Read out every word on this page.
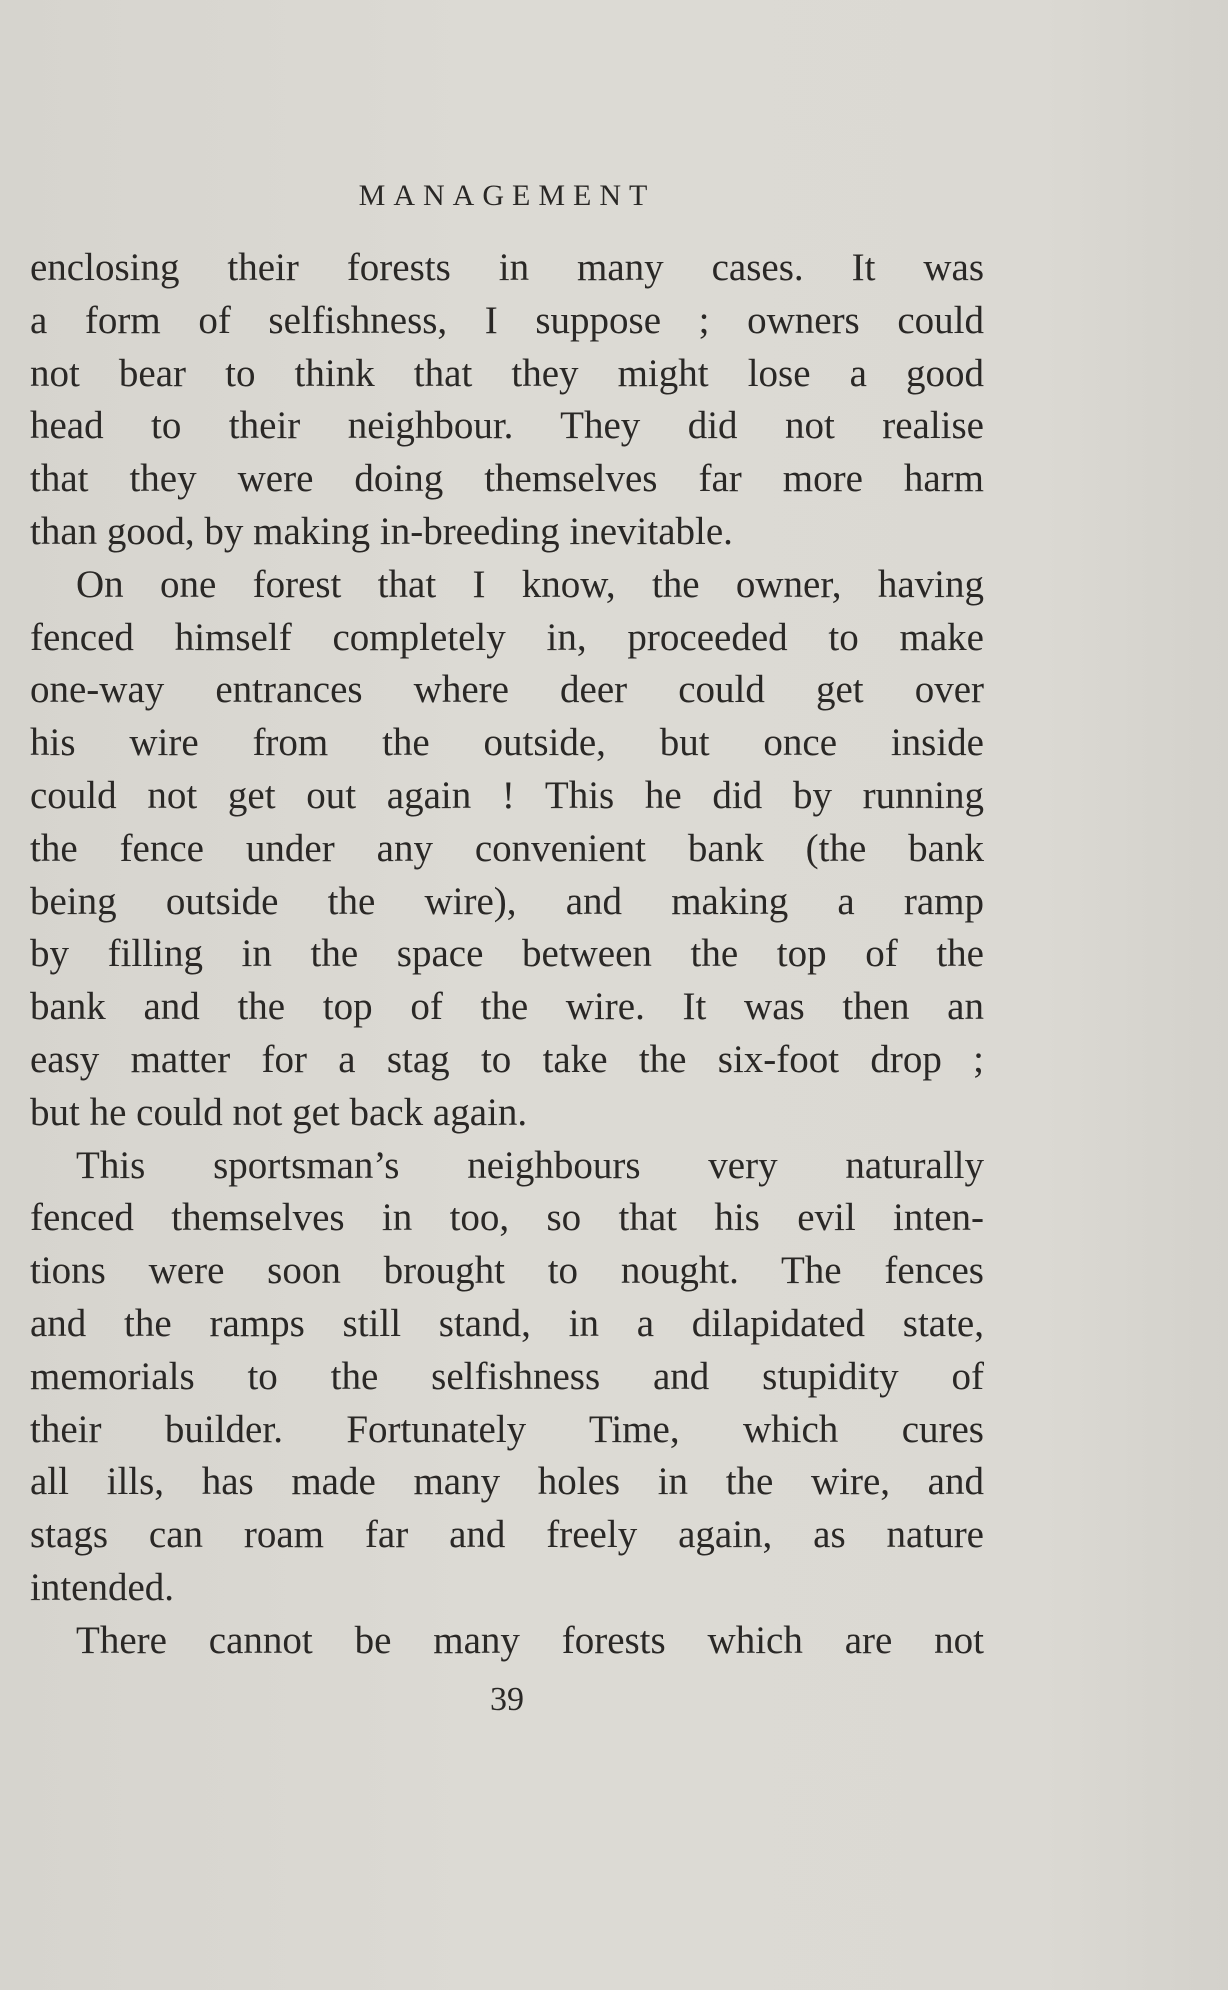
MANAGEMENT
enclosing their forests in many cases. It was
a form of selfishness, I suppose ; owners could
not bear to think that they might lose a good
head to their neighbour. They did not realise
that they were doing themselves far more harm
than good, by making in-breeding inevitable.
On one forest that I know, the owner, having
fenced himself completely in, proceeded to make
one-way entrances where deer could get over
his wire from the outside, but once inside
could not get out again ! This he did by running
the fence under any convenient bank (the bank
being outside the wire), and making a ramp
by filling in the space between the top of the
bank and the top of the wire. It was then an
easy matter for a stag to take the six-foot drop ;
but he could not get back again.
This sportsman’s neighbours very naturally
fenced themselves in too, so that his evil inten-
tions were soon brought to nought. The fences
and the ramps still stand, in a dilapidated state,
memorials to the selfishness and stupidity of
their builder. Fortunately Time, which cures
all ills, has made many holes in the wire, and
stags can roam far and freely again, as nature
intended.
There cannot be many forests which are not
39
